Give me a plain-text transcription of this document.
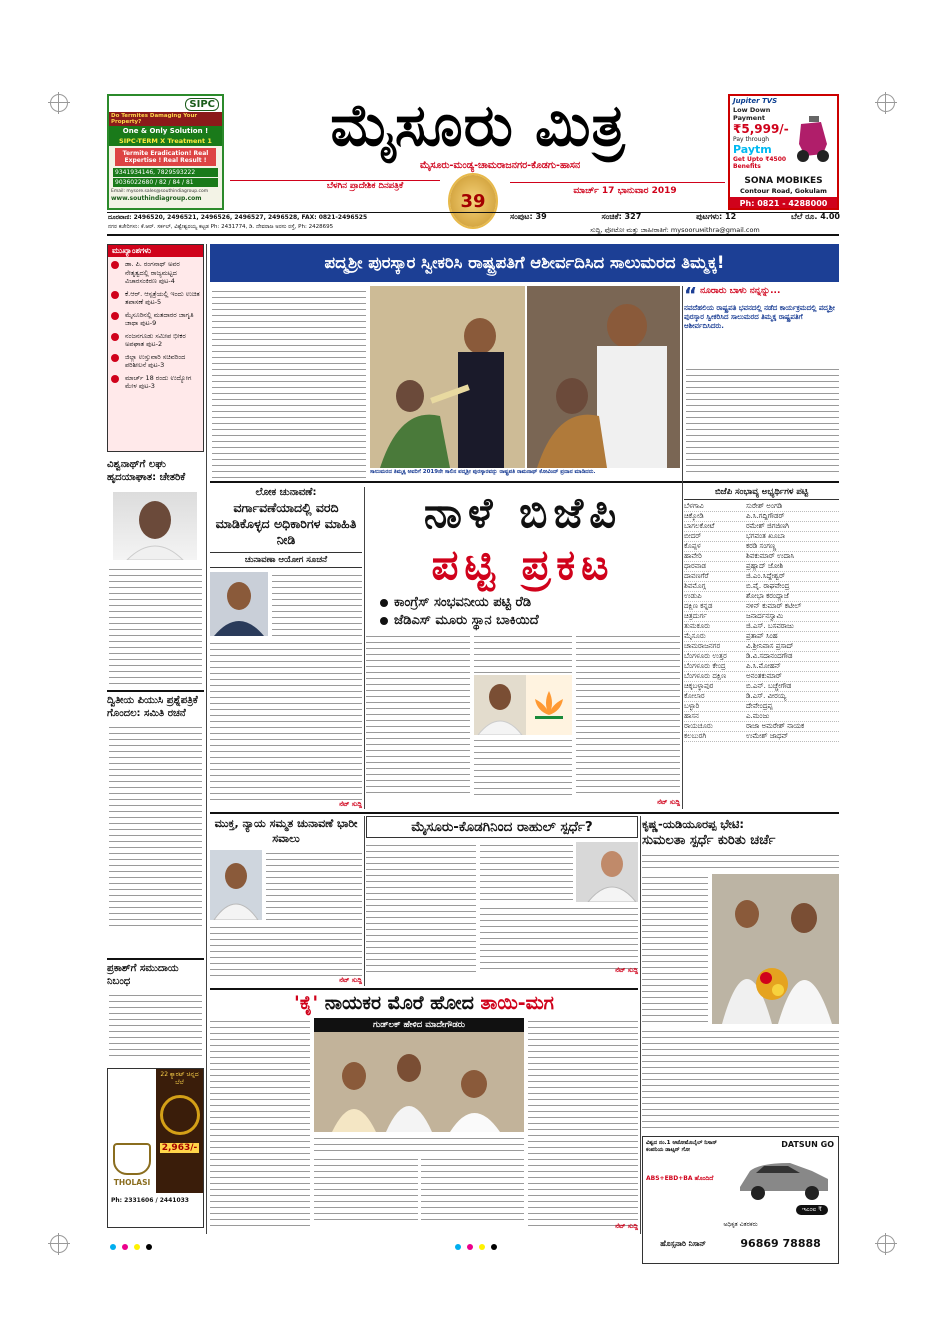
SIPC
Do Termites Damaging Your Property?
One & Only Solution !
SIPC-TERM X Treatment 1
Termite Eradication! Real Expertise ! Real Result !
9341934146, 7829593222
9036022680 / 82 / 84 / 81
Email: mysore.sales@southindiagroup.com
www.southindiagroup.com
ಮೈಸೂರು ಮಿತ್ರ
ಮೈಸೂರು-ಮಂಡ್ಯ-ಚಾಮರಾಜನಗರ-ಕೊಡಗು-ಹಾಸನ
ಬೆಳಗಿನ ಪ್ರಾದೇಶಿಕ ದಿನಪತ್ರಿಕೆ
39	ಮಾರ್ಚ್ 17 ಭಾನುವಾರ 2019
Jupiter TVS
Low Down Payment
₹5,999/-
Pay through
Paytm
Get Upto ₹4500 Benefits
SONA MOBIKES
Contour Road, Gokulam
Ph: 0821 - 4288000
ದೂರವಾಣಿ: 2496520, 2496521, 2496526, 2496527, 2496528, FAX: 0821-2496525
ನಗರ ಕಚೇರಿಗಳು: ಕೆ.ಆರ್. ಸರ್ಕಲ್, ವಿಶ್ವೇಶ್ವರಯ್ಯ ಕಟ್ಟಡ Ph: 2431774, ಡಿ. ದೇವರಾಜ ಅರಸು ರಸ್ತೆ, Ph: 2428695
ಸಂಪುಟ: 39	ಸಂಚಿಕೆ: 327	ಪುಟಗಳು: 12	ಬೆಲೆ ರೂ. 4.00
ಸುದ್ದಿ, ಫೋಟೋ ಮತ್ತು ಜಾಹೀರಾತಿಗೆ: mysooruмithra@gmail.com
ಮುಖ್ಯಾಂಶಗಳು
ಡಾ. ಪಿ. ರಂಗನಾಥ್ ಅವರ ನೇತೃತ್ವದಲ್ಲಿ ರಾಜ್ಯಮಟ್ಟದ ವಿಚಾರಸಂಕಿರಣ ಪುಟ-4
ಕೆ.ಆರ್. ಆಸ್ಪತ್ರೆಯಲ್ಲಿ ಇಂದು ಉಚಿತ ತಪಾಸಣೆ ಪುಟ-5
ಮೈಸೂರಿನಲ್ಲಿ ಮತದಾರರ ಜಾಗೃತಿ ಜಾಥಾ ಪುಟ-9
ನಂಜನಗೂಡು ಸಮೀಪ ಭೀಕರ ಅಪಘಾತ ಪುಟ-2
ಜಿಲ್ಲಾ ಉಸ್ತುವಾರಿ ಸಚಿವರಿಂದ ಪರಿಶೀಲನೆ ಪುಟ-3
ಮಾರ್ಚ್ 18 ರಂದು ಉದ್ಯೋಗ ಮೇಳ ಪುಟ-3
ವಿಶ್ವನಾಥ್‌ಗೆ ಲಘು ಹೃದಯಾಘಾತ: ಚೇತರಿಕೆ
ದ್ವಿತೀಯ ಪಿಯುಸಿ ಪ್ರಶ್ನೆಪತ್ರಿಕೆ ಗೊಂದಲ: ಸಮಿತಿ ರಚನೆ
ಪ್ರಕಾಶ್‌ಗೆ ಸಮುದಾಯ ನಿಬಂಧ
THOLASI
22 ಕ್ಯಾರಟ್ ಚಿನ್ನದ ಬೆಲೆ
2,963/-
Ph: 2331606 / 2441033
ಪದ್ಮಶ್ರೀ ಪುರಸ್ಕಾರ ಸ್ವೀಕರಿಸಿ ರಾಷ್ಟ್ರಪತಿಗೆ ಆಶೀರ್ವದಿಸಿದ ಸಾಲುಮರದ ತಿಮ್ಮಕ್ಕ!
ಸಾಲುಮರದ ತಿಮ್ಮಕ್ಕ ಅವರಿಗೆ 2019ನೇ ಸಾಲಿನ ಪದ್ಮಶ್ರೀ ಪುರಸ್ಕಾರವನ್ನು ರಾಷ್ಟ್ರಪತಿ ರಾಮನಾಥ್ ಕೋವಿಂದ್ ಪ್ರದಾನ ಮಾಡಿದರು.
“ ನೂರಾರು ಬಾಳು ನನ್ನನ್ನು...
ನವದೆಹಲಿಯ ರಾಷ್ಟ್ರಪತಿ ಭವನದಲ್ಲಿ ನಡೆದ ಕಾರ್ಯಕ್ರಮದಲ್ಲಿ ಪದ್ಮಶ್ರೀ ಪುರಸ್ಕಾರ ಸ್ವೀಕರಿಸಿದ ಸಾಲುಮರದ ತಿಮ್ಮಕ್ಕ ರಾಷ್ಟ್ರಪತಿಗೆ ಆಶೀರ್ವದಿಸಿದರು.
ಲೋಕ ಚುನಾವಣೆ:
ವರ್ಗಾವಣೆಯಾದಲ್ಲಿ ವರದಿ ಮಾಡಿಕೊಳ್ಳದ ಅಧಿಕಾರಿಗಳ ಮಾಹಿತಿ ನೀಡಿ
ಚುನಾವಣಾ ಆಯೋಗ ಸೂಚನೆ
ನೆಟ್ ಸುದ್ದಿ
ನಾಳೆ ಬಿಜೆಪಿ
ಪಟ್ಟಿ ಪ್ರಕಟ
ಕಾಂಗ್ರೆಸ್ ಸಂಭವನೀಯ ಪಟ್ಟಿ ರೆಡಿ
ಜೆಡಿಎಸ್ ಮೂರು ಸ್ಥಾನ ಬಾಕಿಯಿದೆ
ನೆಟ್ ಸುದ್ದಿ
ಬಿಜೆಪಿ ಸಂಭಾವ್ಯ ಅಭ್ಯರ್ಥಿಗಳ ಪಟ್ಟಿ
ಬೆಳಗಾವಿ	ಸುರೇಶ್ ಅಂಗಡಿ
ಚಿಕ್ಕೋಡಿ	ಪಿ.ಸಿ.ಗದ್ದಿಗೌಡರ್
ಬಾಗಲಕೋಟೆ	ರಮೇಶ್ ಜಿಗಜಿಣಗಿ
ಬೀದರ್	ಭಗವಂತ ಖೂಬಾ
ಕೊಪ್ಪಳ	ಕರಡಿ ಸಂಗಣ್ಣ
ಹಾವೇರಿ	ಶಿವಕುಮಾರ್ ಉದಾಸಿ
ಧಾರವಾಡ	ಪ್ರಹ್ಲಾದ್ ಜೋಶಿ
ದಾವಣಗೆರೆ	ಜಿ.ಎಂ.ಸಿದ್ದೇಶ್ವರ್
ಶಿವಮೊಗ್ಗ	ಬಿ.ವೈ. ರಾಘವೇಂದ್ರ
ಉಡುಪಿ	ಶೋಭಾ ಕರಂದ್ಲಾಜೆ
ದಕ್ಷಿಣ ಕನ್ನಡ	ನಳಿನ್ ಕುಮಾರ್ ಕಟೀಲ್
ಚಿತ್ರದುರ್ಗ	ಜನಾರ್ದನಸ್ವಾಮಿ
ತುಮಕೂರು	ಜಿ.ಎಸ್. ಬಸವರಾಜು
ಮೈಸೂರು	ಪ್ರತಾಪ್ ಸಿಂಹ
ಚಾಮರಾಜನಗರ	ವಿ.ಶ್ರೀನಿವಾಸ ಪ್ರಸಾದ್
ಬೆಂಗಳೂರು ಉತ್ತರ	ಡಿ.ವಿ.ಸದಾನಂದಗೌಡ
ಬೆಂಗಳೂರು ಕೇಂದ್ರ	ಪಿ.ಸಿ.ಮೋಹನ್
ಬೆಂಗಳೂರು ದಕ್ಷಿಣ	ಅನಂತಕುಮಾರ್
ಚಿಕ್ಕಬಳ್ಳಾಪುರ	ಬಿ.ಎನ್. ಬಚ್ಚೇಗೌಡ
ಕೋಲಾರ	ಡಿ.ಎಸ್. ವೀರಯ್ಯ
ಬಳ್ಳಾರಿ	ದೇವೇಂದ್ರಪ್ಪ
ಹಾಸನ	ಎ.ಮಂಜು
ರಾಯಚೂರು	ರಾಜಾ ಅಮರೇಶ್ ನಾಯಕ
ಕಲಬುರಗಿ	ಉಮೇಶ್ ಜಾಧವ್
ಮುಕ್ತ, ನ್ಯಾಯ ಸಮ್ಮತ ಚುನಾವಣೆ ಭಾರೀ ಸವಾಲು
ನೆಟ್ ಸುದ್ದಿ
ಮೈಸೂರು-ಕೊಡಗಿನಿಂದ ರಾಹುಲ್ ಸ್ಪರ್ಧೆ?
ನೆಟ್ ಸುದ್ದಿ
ಕೃಷ್ಣ-ಯಡಿಯೂರಪ್ಪ ಭೇಟಿ:
ಸುಮಲತಾ ಸ್ಪರ್ಧೆ ಕುರಿತು ಚರ್ಚೆ
DATSUN GO
ವಿಶ್ವದ ನಂ.1 ಆಟೋಮೊಬೈಲ್ ನಿಸಾನ್ ಕಂಪನಿಯ ಡಾಟ್ಸನ್ ಗೋ
ABS+EBD+BA ಹೊಂದಿದೆ
ಇಎಂಐ ₹
ಅಧಿಕೃತ ವಿತರಕರು
ಹೊಸ್ಸನಾರಿ ನಿಸಾನ್	96869 78888
'ಕೈ' ನಾಯಕರ ಮೊರೆ ಹೋದ ತಾಯಿ-ಮಗ
ಗುಡ್‌ಲಕ್ ಹೇಳಿದ ಮಾದೇಗೌಡರು
ನೆಟ್ ಸುದ್ದಿ
